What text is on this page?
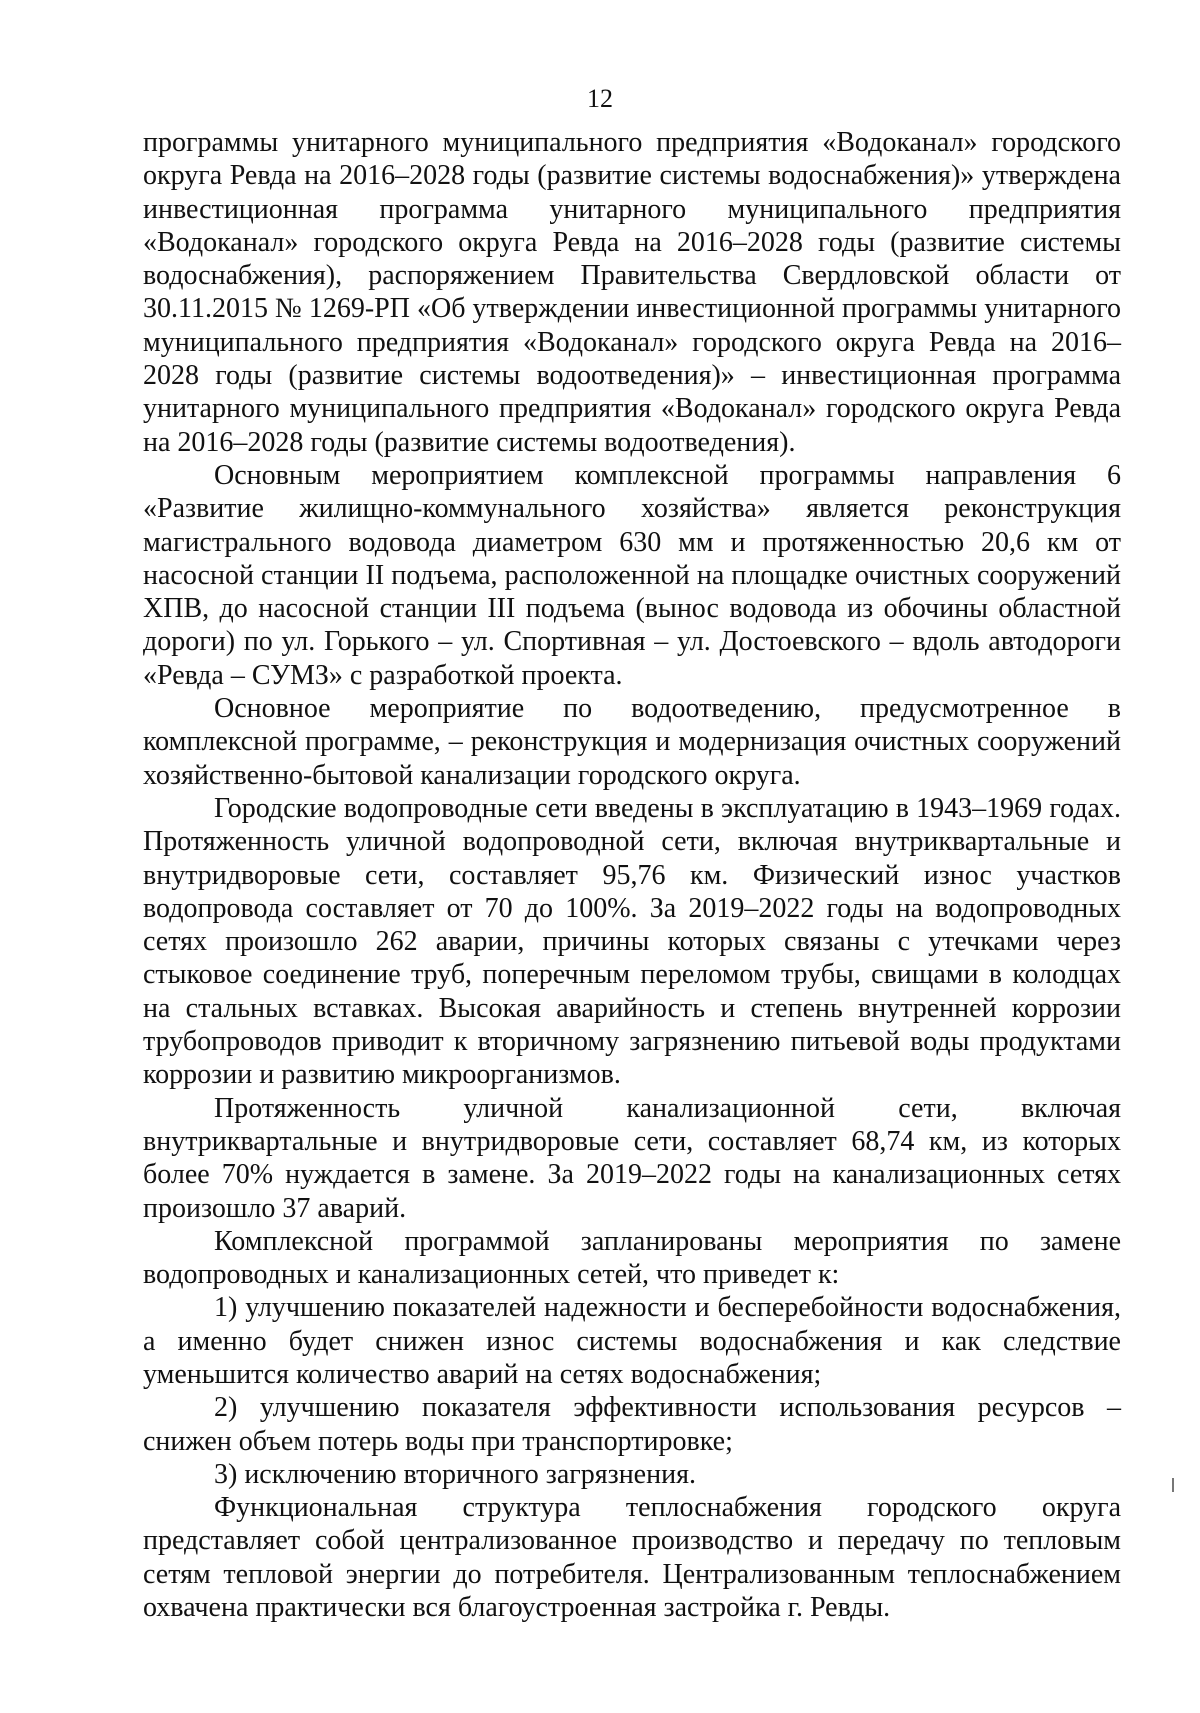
12

программы унитарного муниципального предприятия «Водоканал» городского округа Ревда на 2016–2028 годы (развитие системы водоснабжения)» утверждена инвестиционная программа унитарного муниципального предприятия «Водоканал» городского округа Ревда на 2016–2028 годы (развитие системы водоснабжения), распоряжением Правительства Свердловской области от 30.11.2015 № 1269-РП «Об утверждении инвестиционной программы унитарного муниципального предприятия «Водоканал» городского округа Ревда на 2016–2028 годы (развитие системы водоотведения)» – инвестиционная программа унитарного муниципального предприятия «Водоканал» городского округа Ревда на 2016–2028 годы (развитие системы водоотведения).

Основным мероприятием комплексной программы направления 6 «Развитие жилищно-коммунального хозяйства» является реконструкция магистрального водовода диаметром 630 мм и протяженностью 20,6 км от насосной станции II подъема, расположенной на площадке очистных сооружений ХПВ, до насосной станции III подъема (вынос водовода из обочины областной дороги) по ул. Горького – ул. Спортивная – ул. Достоевского – вдоль автодороги «Ревда – СУМЗ» с разработкой проекта.

Основное мероприятие по водоотведению, предусмотренное в комплексной программе, – реконструкция и модернизация очистных сооружений хозяйственно-бытовой канализации городского округа.

Городские водопроводные сети введены в эксплуатацию в 1943–1969 годах. Протяженность уличной водопроводной сети, включая внутриквартальные и внутридворовые сети, составляет 95,76 км. Физический износ участков водопровода составляет от 70 до 100%. За 2019–2022 годы на водопроводных сетях произошло 262 аварии, причины которых связаны с утечками через стыковое соединение труб, поперечным переломом трубы, свищами в колодцах на стальных вставках. Высокая аварийность и степень внутренней коррозии трубопроводов приводит к вторичному загрязнению питьевой воды продуктами коррозии и развитию микроорганизмов.

Протяженность уличной канализационной сети, включая внутриквартальные и внутридворовые сети, составляет 68,74 км, из которых более 70% нуждается в замене. За 2019–2022 годы на канализационных сетях произошло 37 аварий.

Комплексной программой запланированы мероприятия по замене водопроводных и канализационных сетей, что приведет к:

1) улучшению показателей надежности и бесперебойности водоснабжения, а именно будет снижен износ системы водоснабжения и как следствие уменьшится количество аварий на сетях водоснабжения;

2) улучшению показателя эффективности использования ресурсов – снижен объем потерь воды при транспортировке;

3) исключению вторичного загрязнения.

Функциональная структура теплоснабжения городского округа представляет собой централизованное производство и передачу по тепловым сетям тепловой энергии до потребителя. Централизованным теплоснабжением охвачена практически вся благоустроенная застройка г. Ревды.
